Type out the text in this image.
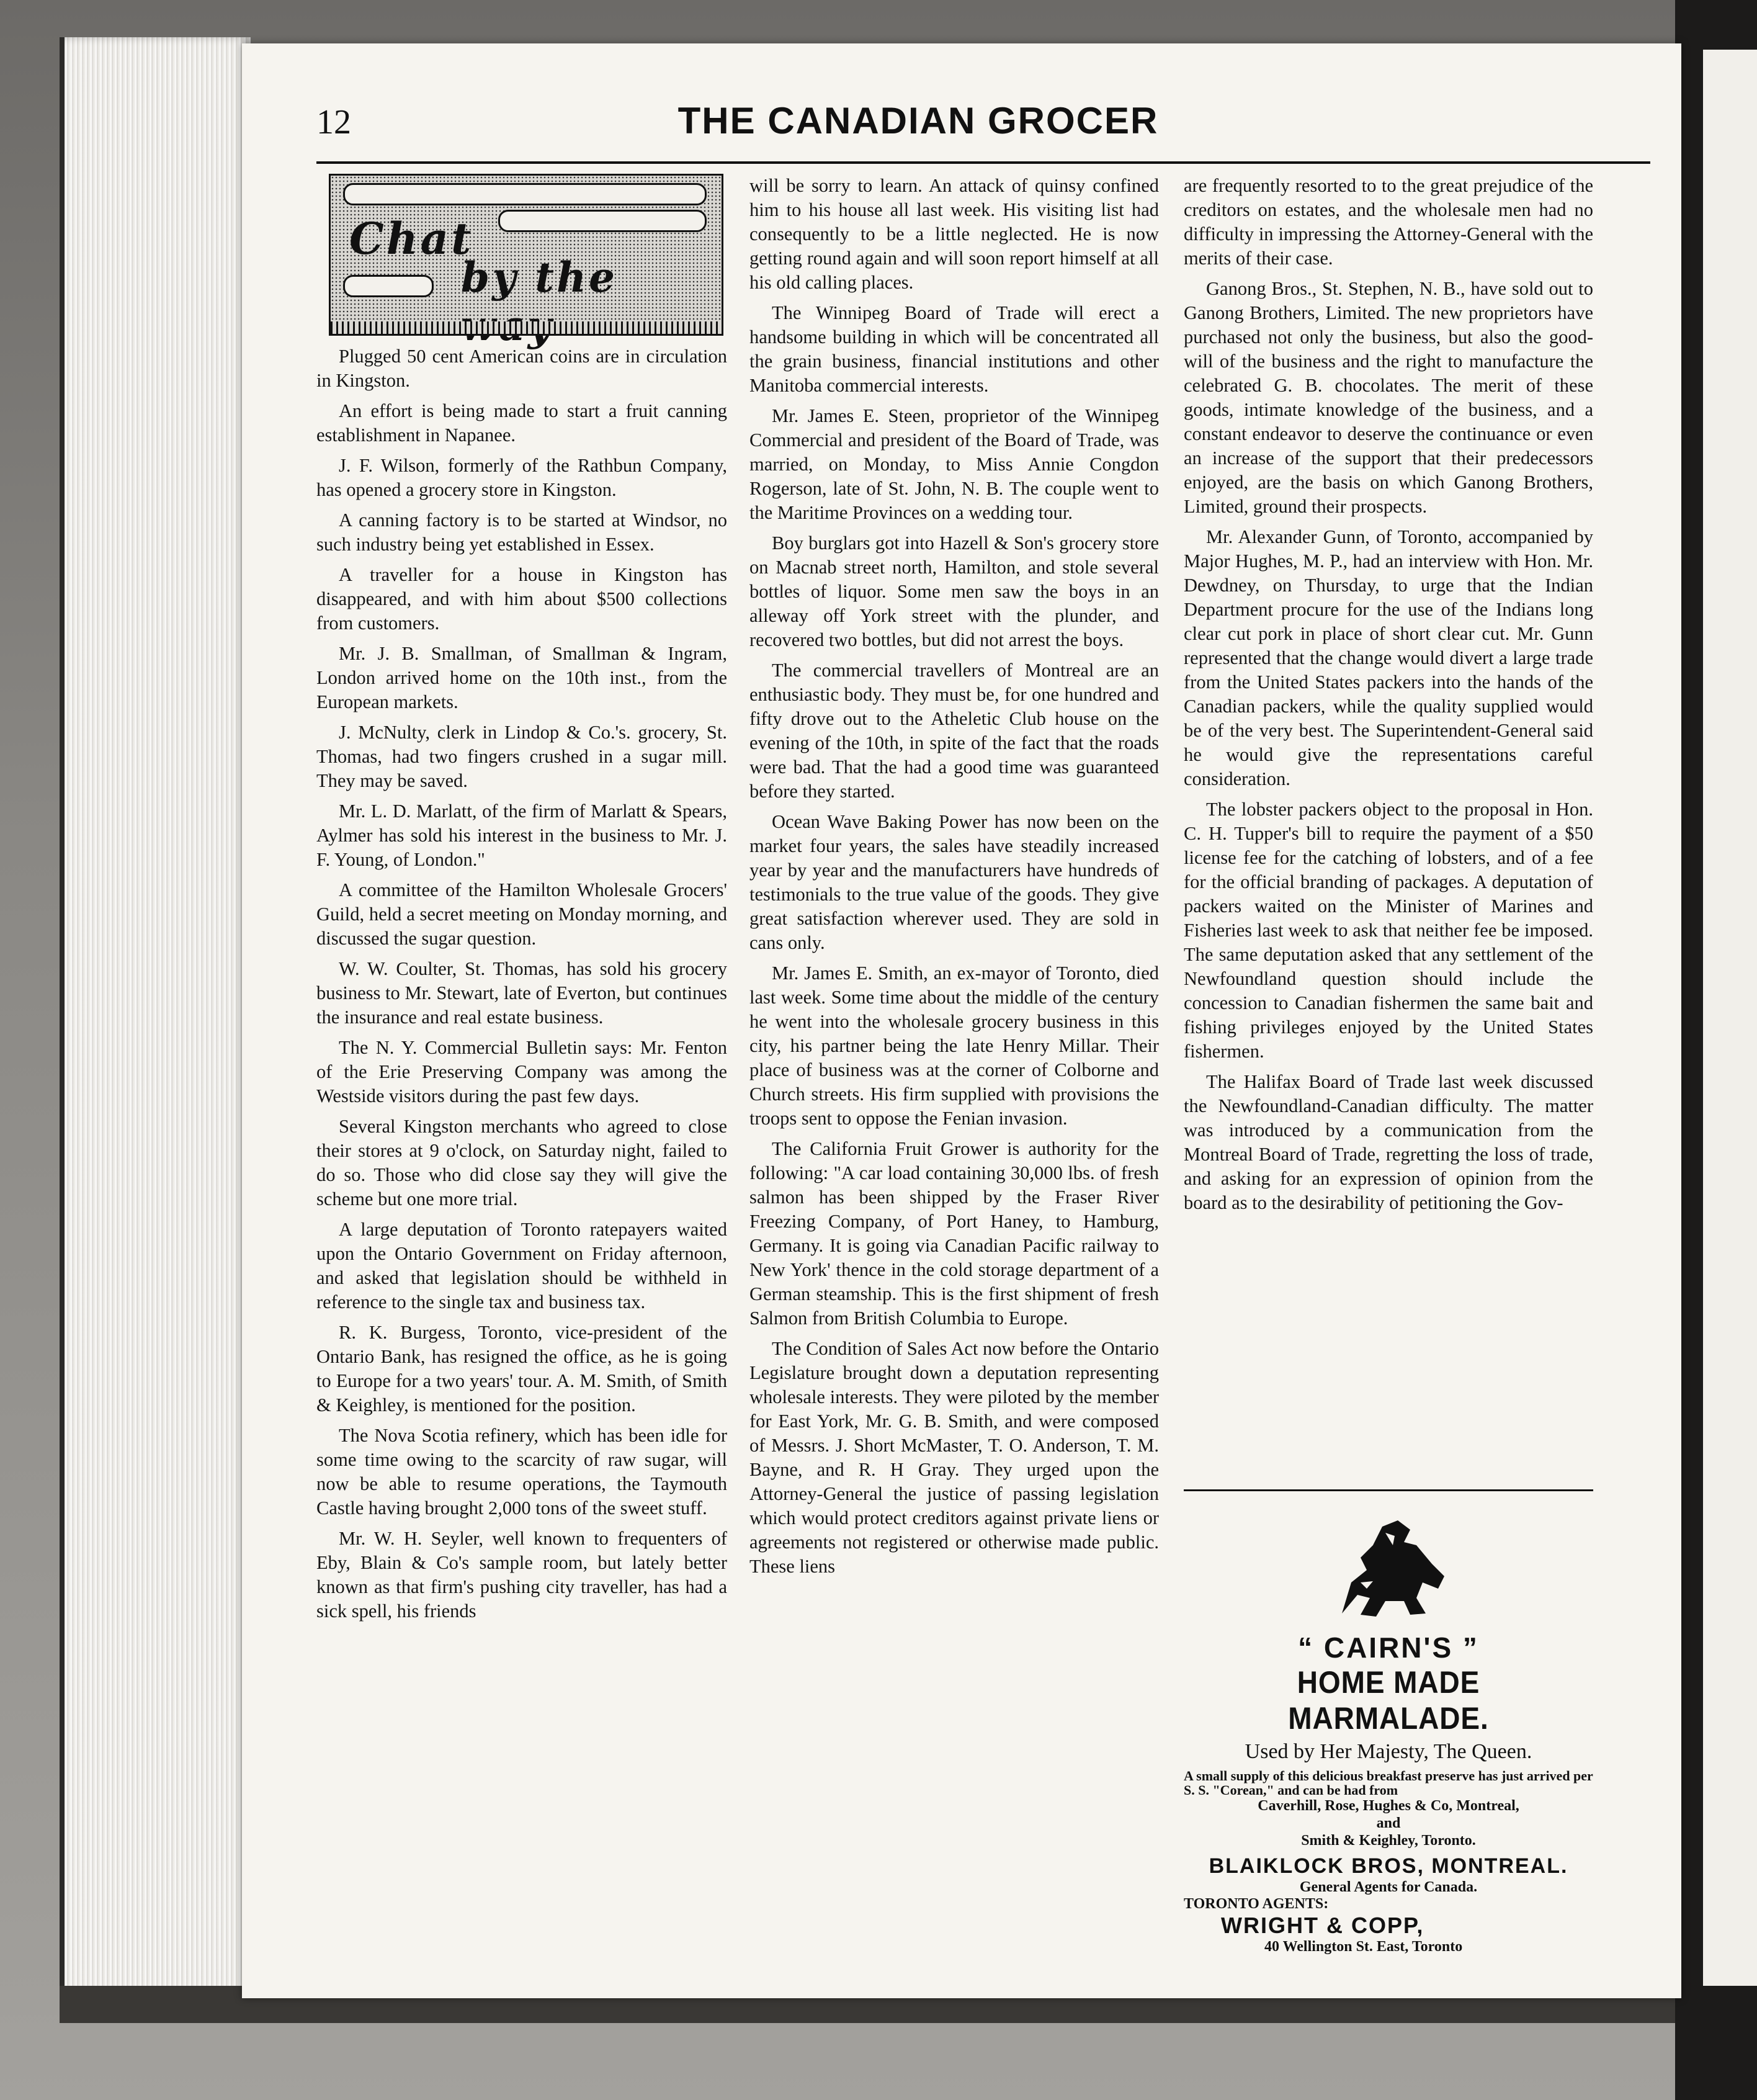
12	THE CANADIAN GROCER
Chat
by the

Plugged 50 cent American coins are in circulation in Kingston.

An effort is being made to start a fruit canning establishment in Napanee.

J. F. Wilson, formerly of the Rathbun Company, has opened a grocery store in Kingston.

A canning factory is to be started at Windsor, no such industry being yet established in Essex.

A traveller for a house in Kingston has disappeared, and with him about $500 collections from customers.

Mr. J. B. Smallman, of Smallman & Ingram, London arrived home on the 10th inst., from the European markets.

J. McNulty, clerk in Lindop & Co.'s. grocery, St. Thomas, had two fingers crushed in a sugar mill. They may be saved.

Mr. L. D. Marlatt, of the firm of Marlatt & Spears, Aylmer has sold his interest in the business to Mr. J. F. Young, of London."

A committee of the Hamilton Wholesale Grocers' Guild, held a secret meeting on Monday morning, and discussed the sugar question.

W. W. Coulter, St. Thomas, has sold his grocery business to Mr. Stewart, late of Everton, but continues the insurance and real estate business.

The N. Y. Commercial Bulletin says: Mr. Fenton of the Erie Preserving Company was among the Westside visitors during the past few days.

Several Kingston merchants who agreed to close their stores at 9 o'clock, on Saturday night, failed to do so. Those who did close say they will give the scheme but one more trial.

A large deputation of Toronto ratepayers waited upon the Ontario Government on Friday afternoon, and asked that legislation should be withheld in reference to the single tax and business tax.

R. K. Burgess, Toronto, vice-president of the Ontario Bank, has resigned the office, as he is going to Europe for a two years' tour. A. M. Smith, of Smith & Keighley, is mentioned for the position.

The Nova Scotia refinery, which has been idle for some time owing to the scarcity of raw sugar, will now be able to resume operations, the Taymouth Castle having brought 2,000 tons of the sweet stuff.

Mr. W. H. Seyler, well known to frequenters of Eby, Blain & Co's sample room, but lately better known as that firm's pushing city traveller, has had a sick spell, his friends

will be sorry to learn. An attack of quinsy confined him to his house all last week. His visiting list had consequently to be a little neglected. He is now getting round again and will soon report himself at all his old calling places.

The Winnipeg Board of Trade will erect a handsome building in which will be concentrated all the grain business, financial institutions and other Manitoba commercial interests.

Mr. James E. Steen, proprietor of the Winnipeg Commercial and president of the Board of Trade, was married, on Monday, to Miss Annie Congdon Rogerson, late of St. John, N. B. The couple went to the Maritime Provinces on a wedding tour.

Boy burglars got into Hazell & Son's grocery store on Macnab street north, Hamilton, and stole several bottles of liquor. Some men saw the boys in an alleway off York street with the plunder, and recovered two bottles, but did not arrest the boys.

The commercial travellers of Montreal are an enthusiastic body. They must be, for one hundred and fifty drove out to the Atheletic Club house on the evening of the 10th, in spite of the fact that the roads were bad. That the had a good time was guaranteed before they started.

Ocean Wave Baking Power has now been on the market four years, the sales have steadily increased year by year and the manufacturers have hundreds of testimonials to the true value of the goods. They give great satisfaction wherever used. They are sold in cans only.

Mr. James E. Smith, an ex-mayor of Toronto, died last week. Some time about the middle of the century he went into the wholesale grocery business in this city, his partner being the late Henry Millar. Their place of business was at the corner of Colborne and Church streets. His firm supplied with provisions the troops sent to oppose the Fenian invasion.

The California Fruit Grower is authority for the following: "A car load containing 30,000 lbs. of fresh salmon has been shipped by the Fraser River Freezing Company, of Port Haney, to Hamburg, Germany. It is going via Canadian Pacific railway to New York' thence in the cold storage department of a German steamship. This is the first shipment of fresh Salmon from British Columbia to Europe.

The Condition of Sales Act now before the Ontario Legislature brought down a deputation representing wholesale interests. They were piloted by the member for East York, Mr. G. B. Smith, and were composed of Messrs. J. Short McMaster, T. O. Anderson, T. M. Bayne, and R. H Gray. They urged upon the Attorney-General the justice of passing legislation which would protect creditors against private liens or agreements not registered or otherwise made public. These liens

are frequently resorted to to the great prejudice of the creditors on estates, and the wholesale men had no difficulty in impressing the Attorney-General with the merits of their case.

Ganong Bros., St. Stephen, N. B., have sold out to Ganong Brothers, Limited. The new proprietors have purchased not only the business, but also the good-will of the business and the right to manufacture the celebrated G. B. chocolates. The merit of these goods, intimate knowledge of the business, and a constant endeavor to deserve the continuance or even an increase of the support that their predecessors enjoyed, are the basis on which Ganong Brothers, Limited, ground their prospects.

Mr. Alexander Gunn, of Toronto, accompanied by Major Hughes, M. P., had an interview with Hon. Mr. Dewdney, on Thursday, to urge that the Indian Department procure for the use of the Indians long clear cut pork in place of short clear cut. Mr. Gunn represented that the change would divert a large trade from the United States packers into the hands of the Canadian packers, while the quality supplied would be of the very best. The Superintendent-General said he would give the representations careful consideration.

The lobster packers object to the proposal in Hon. C. H. Tupper's bill to require the payment of a $50 license fee for the catching of lobsters, and of a fee for the official branding of packages. A deputation of packers waited on the Minister of Marines and Fisheries last week to ask that neither fee be imposed. The same deputation asked that any settlement of the Newfoundland question should include the concession to Canadian fishermen the same bait and fishing privileges enjoyed by the United States fishermen.

The Halifax Board of Trade last week discussed the Newfoundland-Canadian difficulty. The matter was introduced by a communication from the Montreal Board of Trade, regretting the loss of trade, and asking for an expression of opinion from the board as to the desirability of petitioning the Gov-

“ CAIRN'S ”
HOME MADE MARMALADE.
Used by Her Majesty, The Queen.
A small supply of this delicious breakfast preserve has just arrived per S. S. "Corean," and can be had from
Caverhill, Rose, Hughes & Co, Montreal,
and
Smith & Keighley, Toronto.
BLAIKLOCK BROS, MONTREAL.
General Agents for Canada.
TORONTO AGENTS:
WRIGHT & COPP,
40 Wellington St. East, Toronto
